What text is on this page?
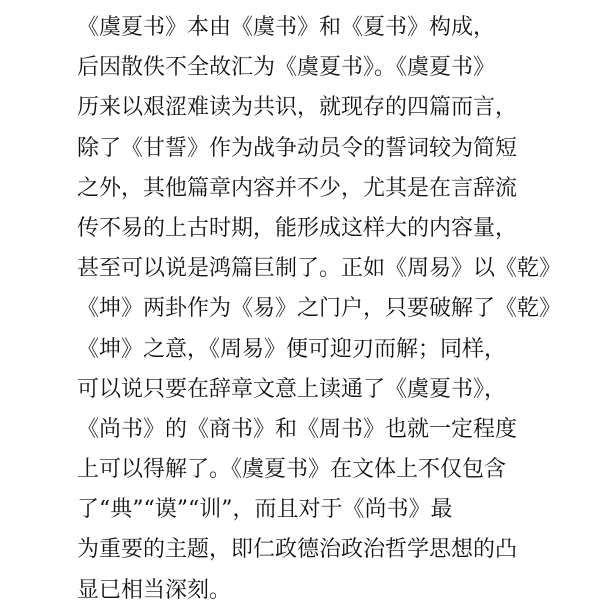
《虞夏书》本由《虞书》和《夏书》构成，
后因散佚不全故汇为《虞夏书》。《虞夏书》
历来以艰涩难读为共识，就现存的四篇而言，
除了《甘誓》作为战争动员令的誓词较为简短
之外，其他篇章内容并不少，尤其是在言辞流
传不易的上古时期，能形成这样大的内容量，
甚至可以说是鸿篇巨制了。正如《周易》以《乾》
《坤》两卦作为《易》之门户，只要破解了《乾》
《坤》之意，《周易》便可迎刃而解；同样，
可以说只要在辞章文意上读通了《虞夏书》，
《尚书》的《商书》和《周书》也就一定程度
上可以得解了。《虞夏书》在文体上不仅包含
了“典”“谟”“训”，而且对于《尚书》最
为重要的主题，即仁政德治政治哲学思想的凸
显已相当深刻。
